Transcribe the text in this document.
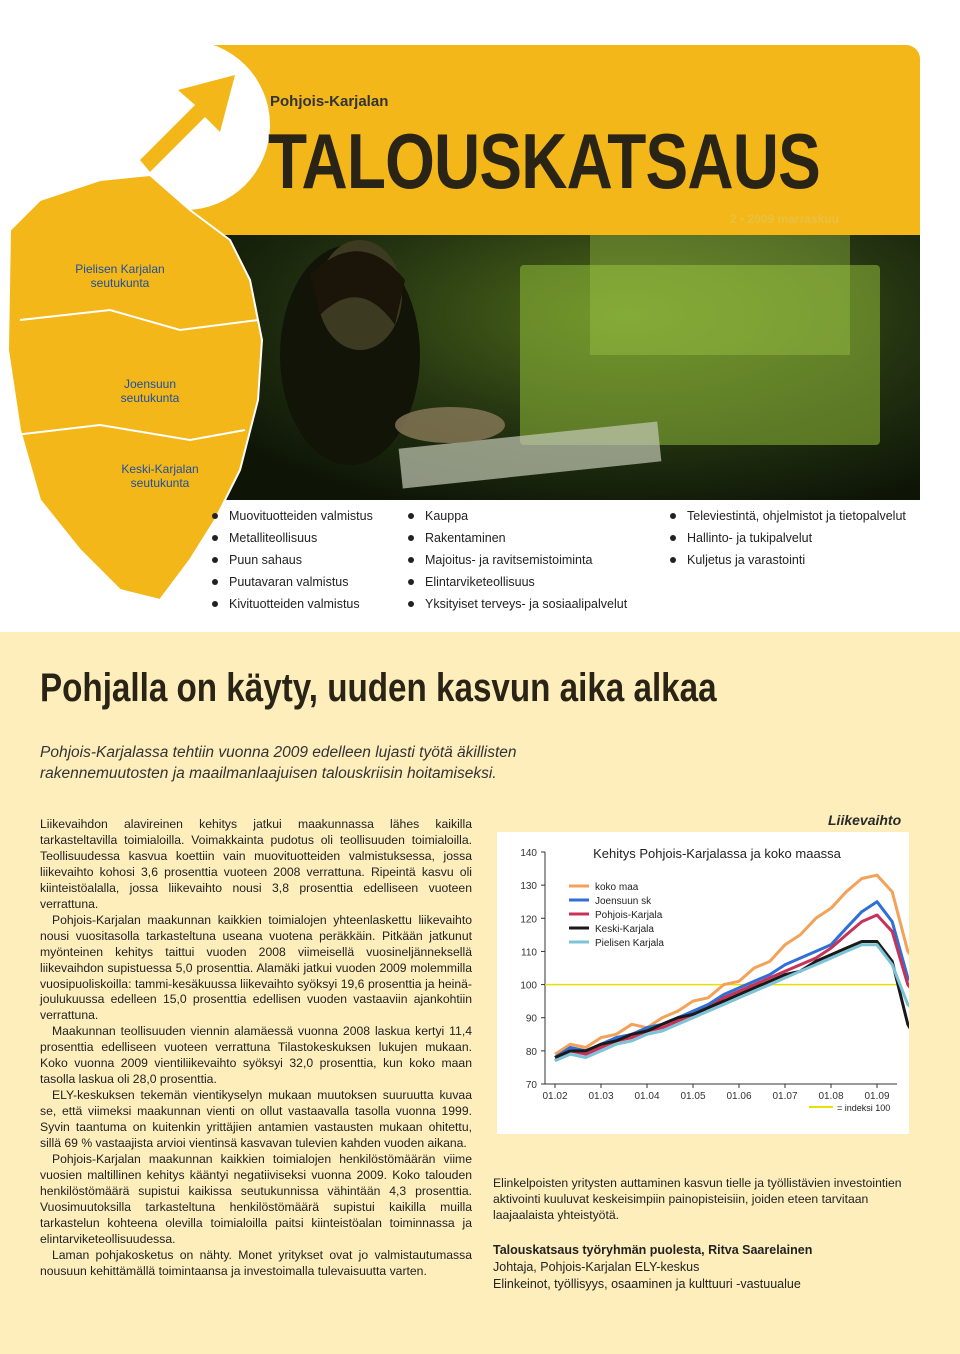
Pielisen Karjalan seutukunta
Joensuun seutukunta
Keski-Karjalan seutukunta
Pohjois-Karjalan
TALOUSKATSAUS
2 • 2009 marraskuu
Muovituotteiden valmistus
Metalliteollisuus
Puun sahaus
Puutavaran valmistus
Kivituotteiden valmistus
Kauppa
Rakentaminen
Majoitus- ja ravitsemistoiminta
Elintarviketeollisuus
Yksityiset terveys- ja sosiaalipalvelut
Televiestintä, ohjelmistot ja tietopalvelut
Hallinto- ja tukipalvelut
Kuljetus ja varastointi
Pohjalla on käyty, uuden kasvun aika alkaa
Pohjois-Karjalassa tehtiin vuonna 2009 edelleen lujasti työtä äkillisten rakennemuutosten ja maailmanlaajuisen talouskriisin hoitamiseksi.

Liikevaihdon alavireinen kehitys jatkui maakunnassa lähes kaikilla tarkasteltavilla toimialoilla. Voimakkainta pudotus oli teollisuuden toimialoilla. Teollisuudessa kasvua koettiin vain muovituotteiden valmistuksessa, jossa liikevaihto kohosi 3,6 prosenttia vuoteen 2008 verrattuna. Ripeintä kasvu oli kiinteistöalalla, jossa liikevaihto nousi 3,8 prosenttia edelliseen vuoteen verrattuna.

Pohjois-Karjalan maakunnan kaikkien toimialojen yhteenlaskettu liikevaihto nousi vuositasolla tarkasteltuna useana vuotena peräkkäin. Pitkään jatkunut myönteinen kehitys taittui vuoden 2008 viimeisellä vuosineljänneksellä liikevaihdon supistuessa 5,0 prosenttia. Alamäki jatkui vuoden 2009 molemmilla vuosipuoliskoilla: tammi-kesäkuussa liikevaihto syöksyi 19,6 prosenttia ja heinä-joulukuussa edelleen 15,0 prosenttia edellisen vuoden vastaaviin ajankohtiin verrattuna.

Maakunnan teollisuuden viennin alamäessä vuonna 2008 laskua kertyi 11,4 prosenttia edelliseen vuoteen verrattuna Tilastokeskuksen lukujen mukaan. Koko vuonna 2009 vientiliikevaihto syöksyi 32,0 prosenttia, kun koko maan tasolla laskua oli 28,0 prosenttia.

ELY-keskuksen tekemän vientikyselyn mukaan muutoksen suuruutta kuvaa se, että viimeksi maakunnan vienti on ollut vastaavalla tasolla vuonna 1999. Syvin taantuma on kuitenkin yrittäjien antamien vastausten mukaan ohitettu, sillä 69 % vastaajista arvioi vientinsä kasvavan tulevien kahden vuoden aikana.

Pohjois-Karjalan maakunnan kaikkien toimialojen henkilöstömäärän viime vuosien maltillinen kehitys kääntyi negatiiviseksi vuonna 2009. Koko talouden henkilöstömäärä supistui kaikissa seutukunnissa vähintään 4,3 prosenttia. Vuosimuutoksilla tarkasteltuna henkilöstömäärä supistui kaikilla muilla tarkastelun kohteena olevilla toimialoilla paitsi kiinteistöalan toiminnassa ja elintarviketeollisuudessa.

Laman pohjakosketus on nähty. Monet yritykset ovat jo valmistautumassa nousuun kehittämällä toimintaansa ja investoimalla tulevaisuutta varten.

Liikevaihto
Kehitys Pohjois-Karjalassa ja koko maassa
140
130
120
110
100
90
80
70
01.02 01.03 01.04 01.05 01.06 01.07 01.08 01.09
koko maa
Joensuun sk
Pohjois-Karjala
Keski-Karjala
Pielisen Karjala
= indeksi 100
Elinkelpoisten yritysten auttaminen kasvun tielle ja työllistävien investointien aktivointi kuuluvat keskeisimpiin painopisteisiin, joiden eteen tarvitaan laajaalaista yhteistyötä.
Talouskatsaus työryhmän puolesta, Ritva Saarelainen
Johtaja, Pohjois-Karjalan ELY-keskus
Elinkeinot, työllisyys, osaaminen ja kulttuuri -vastuualue
